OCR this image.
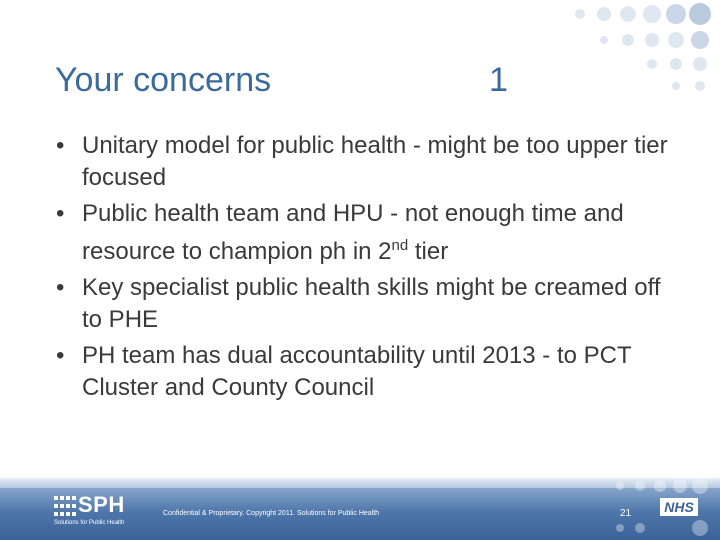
Your concerns	1
• Unitary model for public health - might be too upper tier focused
• Public health team and HPU - not enough time and resource to champion ph in 2nd tier
• Key specialist public health skills might be creamed off to PHE
• PH team has dual accountability until 2013 - to PCT Cluster and County Council
SPH
Solutions for Public Health
Confidential & Proprietary. Copyright 2011. Solutions for Public Health	21	NHS
